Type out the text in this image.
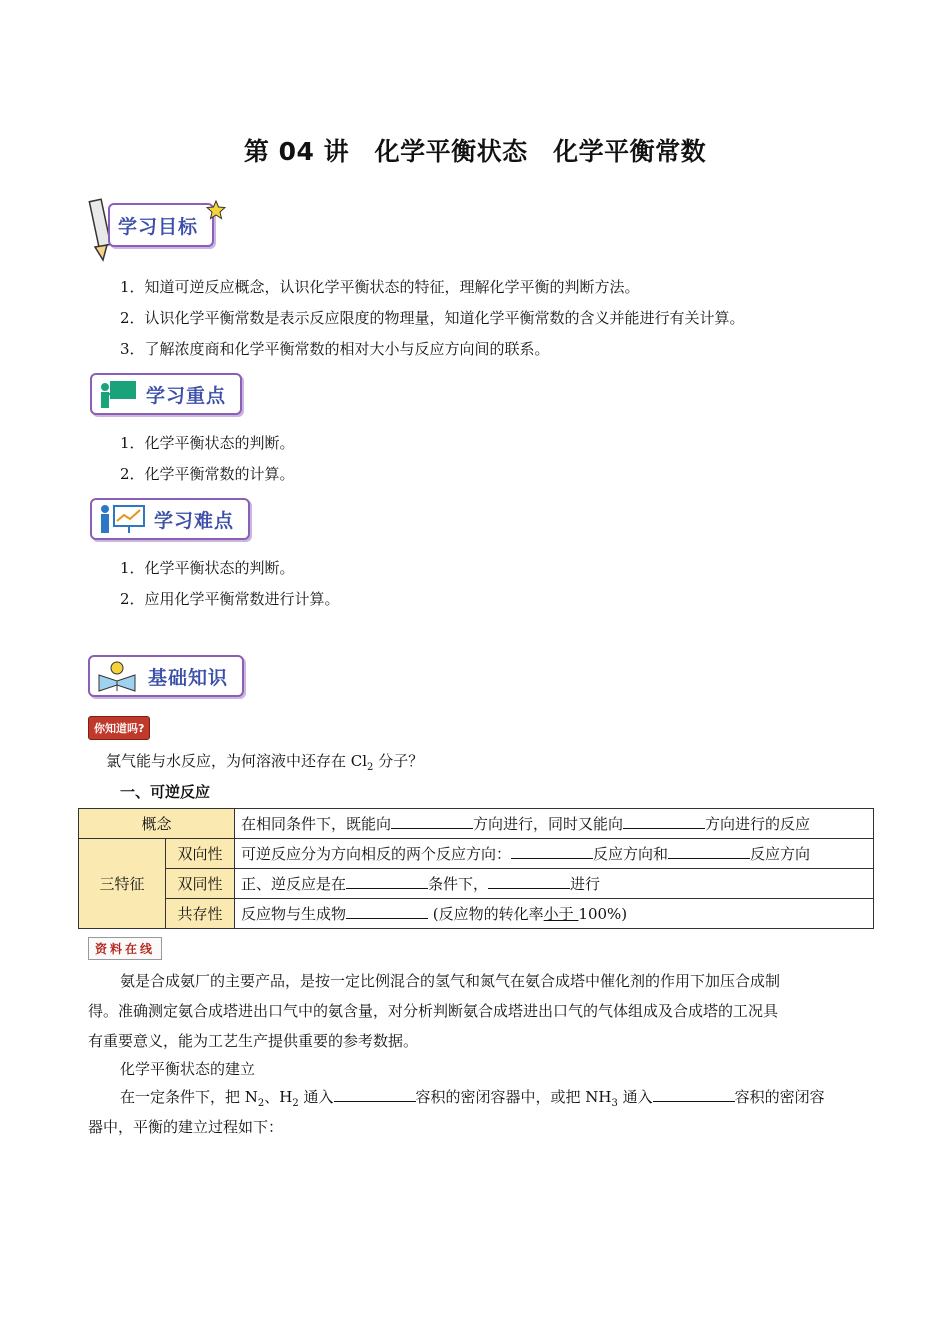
第 04 讲　化学平衡状态　化学平衡常数
学习目标
1．知道可逆反应概念，认识化学平衡状态的特征，理解化学平衡的判断方法。
2．认识化学平衡常数是表示反应限度的物理量，知道化学平衡常数的含义并能进行有关计算。
3．了解浓度商和化学平衡常数的相对大小与反应方向间的联系。
学习重点
1．化学平衡状态的判断。
2．化学平衡常数的计算。
学习难点
1．化学平衡状态的判断。
2．应用化学平衡常数进行计算。
基础知识
你知道吗?
氯气能与水反应，为何溶液中还存在 $Cl_2$ 分子？
一、可逆反应
概念		在相同条件下，既能向 方向进行，同时又能向 方向进行的反应
三特征	双向性	可逆反应分为方向相反的两个反应方向： 反应方向和 反应方向
	双同性	正、逆反应是在 条件下， 进行
	共存性	反应物与生成物 (反应物的转化率小于 100%)
资料在线
氨是合成氨厂的主要产品，是按一定比例混合的氢气和氮气在氨合成塔中催化剂的作用下加压合成制
得。准确测定氨合成塔进出口气中的氨含量，对分析判断氨合成塔进出口气的气体组成及合成塔的工况具
有重要意义，能为工艺生产提供重要的参考数据。
化学平衡状态的建立
在一定条件下，把 $N_2$、$H_2$ 通入	容积的密闭容器中，或把 $NH_3$ 通入	容积的密闭容
器中，平衡的建立过程如下：
